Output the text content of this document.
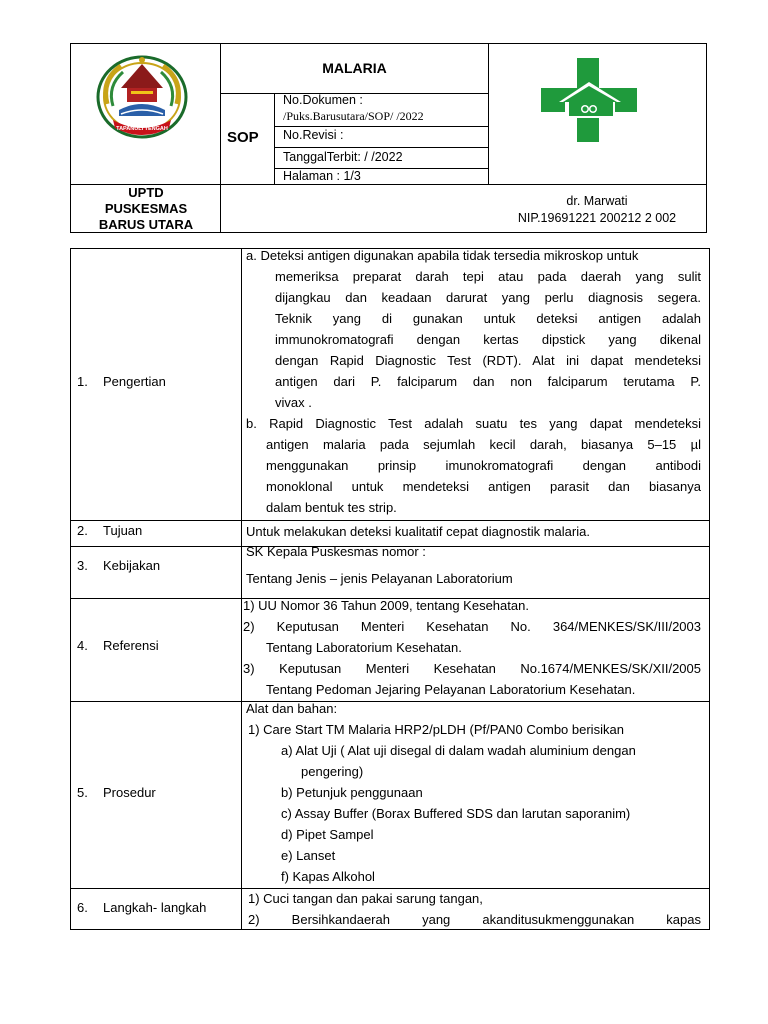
TAPANULI TENGAH
MALARIA
SOP
No.Dokumen :
/Puks.Barusutara/SOP/ /2022
No.Revisi :
TanggalTerbit: / /2022
Halaman : 1/3
UPTD
PUSKESMAS
BARUS UTARA
dr. Marwati
NIP.19691221 200212 2 002
1. Pengertian
a. Deteksi antigen digunakan apabila tidak tersedia mikroskop untuk
memeriksa preparat darah tepi atau pada daerah yang sulit
dijangkau dan keadaan darurat yang perlu diagnosis segera.
Teknik yang di gunakan untuk deteksi antigen adalah
immunokromatografi dengan kertas dipstick yang dikenal
dengan Rapid Diagnostic Test (RDT). Alat ini dapat mendeteksi
antigen dari P. falciparum dan non falciparum terutama P.
vivax .
b. Rapid Diagnostic Test adalah suatu tes yang dapat mendeteksi
antigen malaria pada sejumlah kecil darah, biasanya 5–15 µl
menggunakan prinsip imunokromatografi dengan antibodi
monoklonal untuk mendeteksi antigen parasit dan biasanya
dalam bentuk tes strip.
2. Tujuan	Untuk melakukan deteksi kualitatif cepat diagnostik malaria.
3. Kebijakan
SK Kepala Puskesmas nomor :
Tentang Jenis – jenis Pelayanan Laboratorium
4. Referensi
1) UU Nomor 36 Tahun 2009, tentang Kesehatan.
2) Keputusan Menteri Kesehatan No. 364/MENKES/SK/III/2003
Tentang Laboratorium Kesehatan.
3) Keputusan Menteri Kesehatan No.1674/MENKES/SK/XII/2005
Tentang Pedoman Jejaring Pelayanan Laboratorium Kesehatan.
5. Prosedur
Alat dan bahan:
1) Care Start TM Malaria HRP2/pLDH (Pf/PAN0 Combo berisikan
a) Alat Uji ( Alat uji disegal di dalam wadah aluminium dengan
pengering)
b) Petunjuk penggunaan
c) Assay Buffer (Borax Buffered SDS dan larutan saporanim)
d) Pipet Sampel
e) Lanset
f) Kapas Alkohol
6. Langkah- langkah
1) Cuci tangan dan pakai sarung tangan,
2) Bersihkandaerah yang akanditusukmenggunakan kapas
